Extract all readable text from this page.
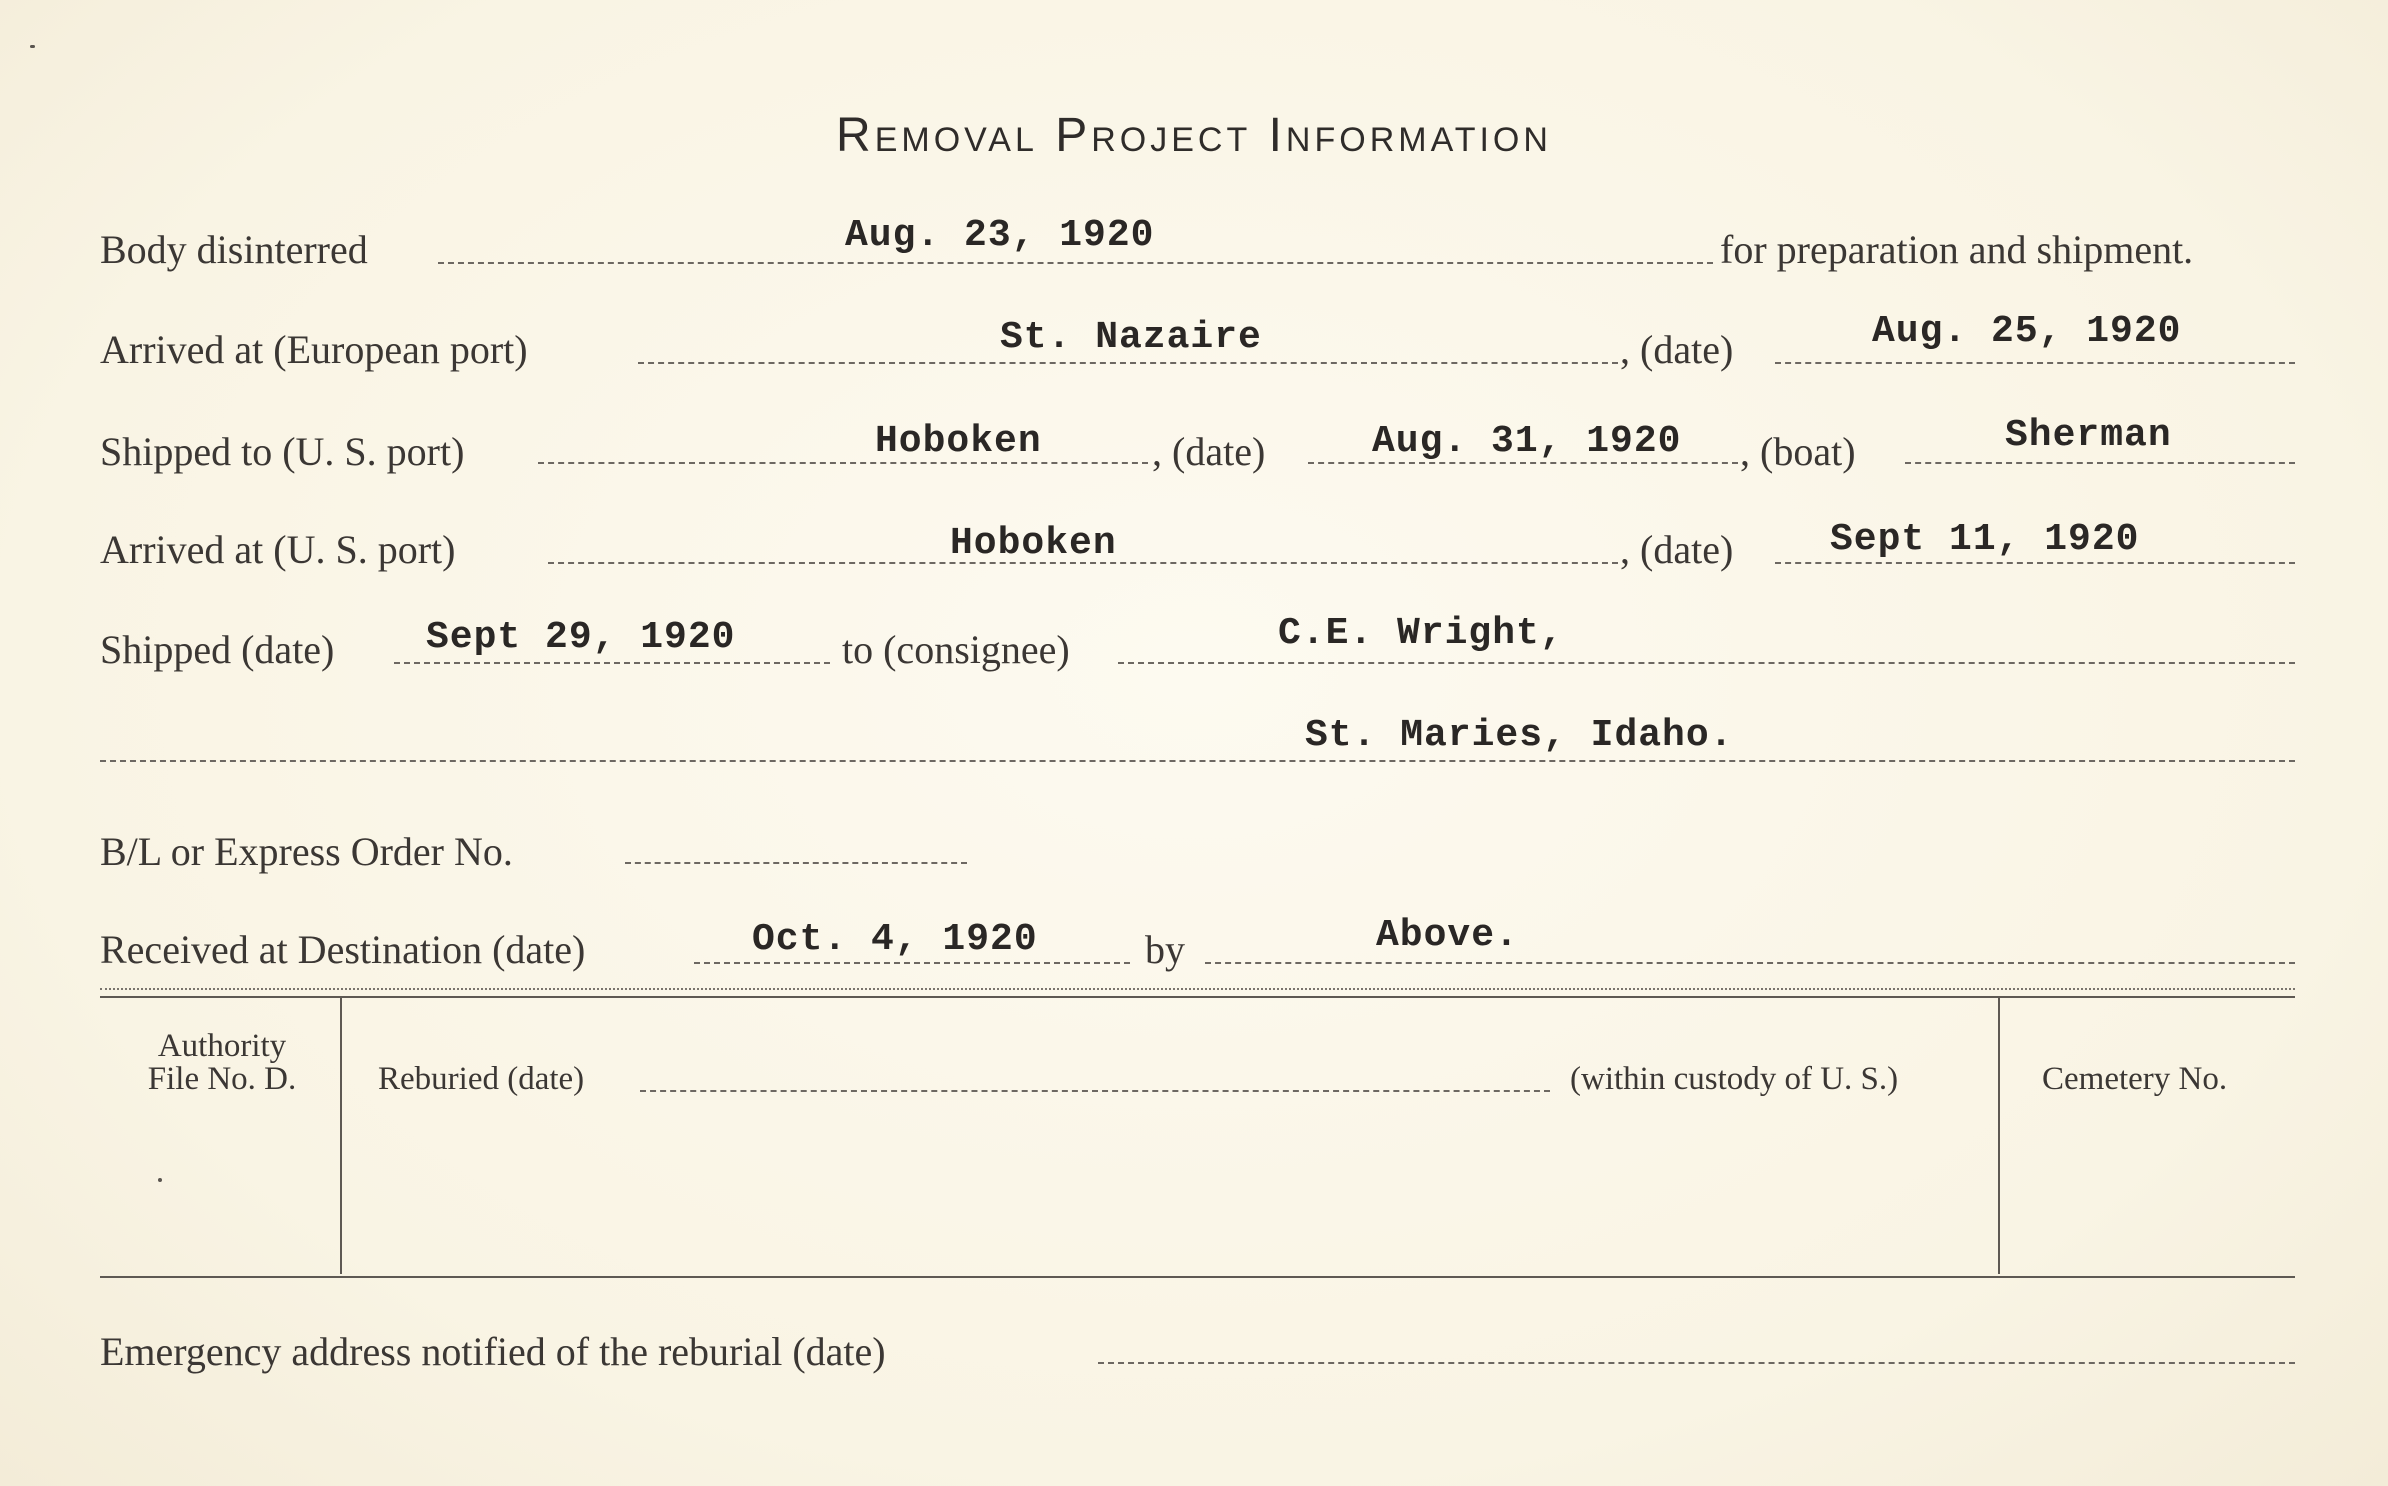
Removal Project Information
Body disinterred	Aug. 23, 1920	for preparation and shipment.
Arrived at (European port)	St. Nazaire	, (date)	Aug. 25, 1920
Shipped to (U. S. port)	Hoboken	, (date)	Aug. 31, 1920 , (boat)	Sherman
Arrived at (U. S. port)	Hoboken	, (date)	Sept 11, 1920
Shipped (date) Sept 29, 1920	to (consignee)	C.E. Wright,
St. Maries, Idaho.
B/L or Express Order No.
Received at Destination (date)	Oct. 4, 1920	by	Above.
Authority
File No. D.	Reburied (date)	(within custody of U. S.)	Cemetery No.
Emergency address notified of the reburial (date)
